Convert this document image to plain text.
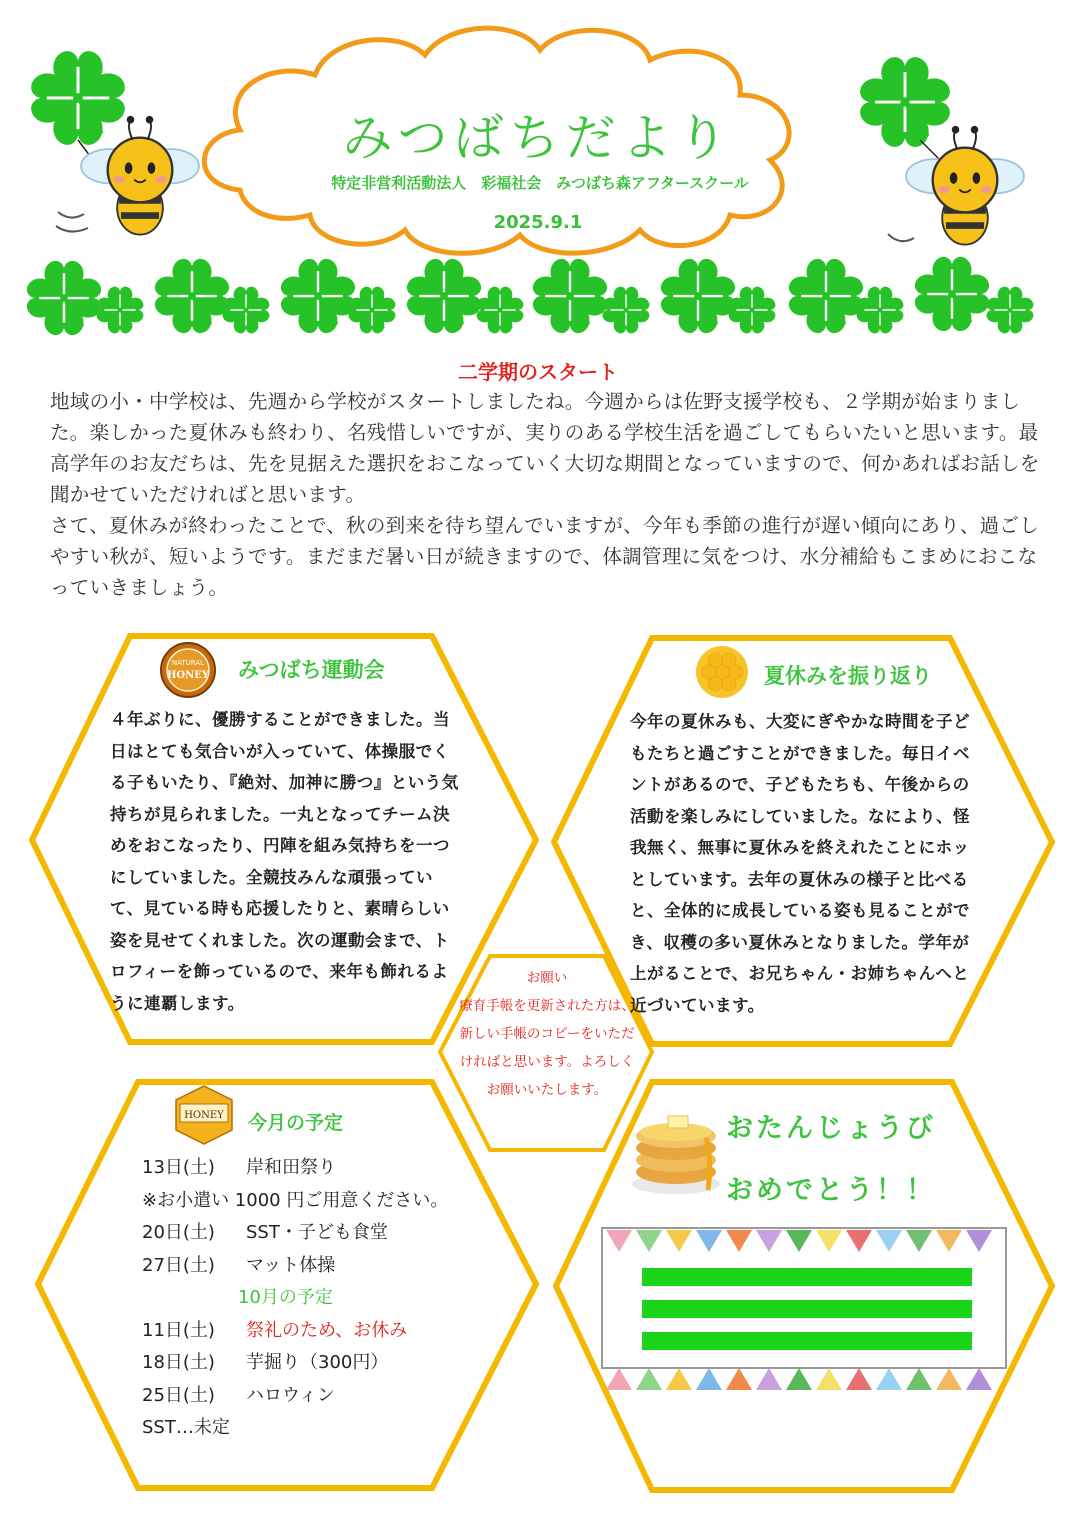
NATURAL
HONEY
HONEY
みつばちだより
特定非営利活動法人　彩福社会　みつばち森アフタースクール
2025.9.1
二学期のスタート

地域の小・中学校は、先週から学校がスタートしましたね。今週からは佐野支援学校も、２学期が始まりました。楽しかった夏休みも終わり、名残惜しいですが、実りのある学校生活を過ごしてもらいたいと思います。最高学年のお友だちは、先を見据えた選択をおこなっていく大切な期間となっていますので、何かあればお話しを聞かせていただければと思います。

さて、夏休みが終わったことで、秋の到来を待ち望んでいますが、今年も季節の進行が遅い傾向にあり、過ごしやすい秋が、短いようです。まだまだ暑い日が続きますので、体調管理に気をつけ、水分補給もこまめにおこなっていきましょう。

みつばち運動会
４年ぶりに、優勝することができました。当日はとても気合いが入っていて、体操服でくる子もいたり、『絶対、加神に勝つ』という気持ちが見られました。一丸となってチーム決めをおこなったり、円陣を組み気持ちを一つにしていました。全競技みんな頑張っていて、見ている時も応援したりと、素晴らしい姿を見せてくれました。次の運動会まで、トロフィーを飾っているので、来年も飾れるように連覇します。
夏休みを振り返り
今年の夏休みも、大変にぎやかな時間を子どもたちと過ごすことができました。毎日イベントがあるので、子どもたちも、午後からの活動を楽しみにしていました。なにより、怪我無く、無事に夏休みを終えれたことにホッとしています。去年の夏休みの様子と比べると、全体的に成長している姿も見ることができ、収穫の多い夏休みとなりました。学年が上がることで、お兄ちゃん・お姉ちゃんへと近づいています。
お願い
療育手帳を更新された方は、新しい手帳のコピーをいただければと思います。よろしくお願いいたします。
今月の予定
13日(土)	岸和田祭り
※お小遣い 1000 円ご用意ください。
20日(土)	SST・子ども食堂
27日(土)	マット体操
10月の予定
11日(土)	祭礼のため、お休み
18日(土)	芋掘り（300円）
25日(土)	ハロウィン
SST…未定
おたんじょうび
おめでとう！！
